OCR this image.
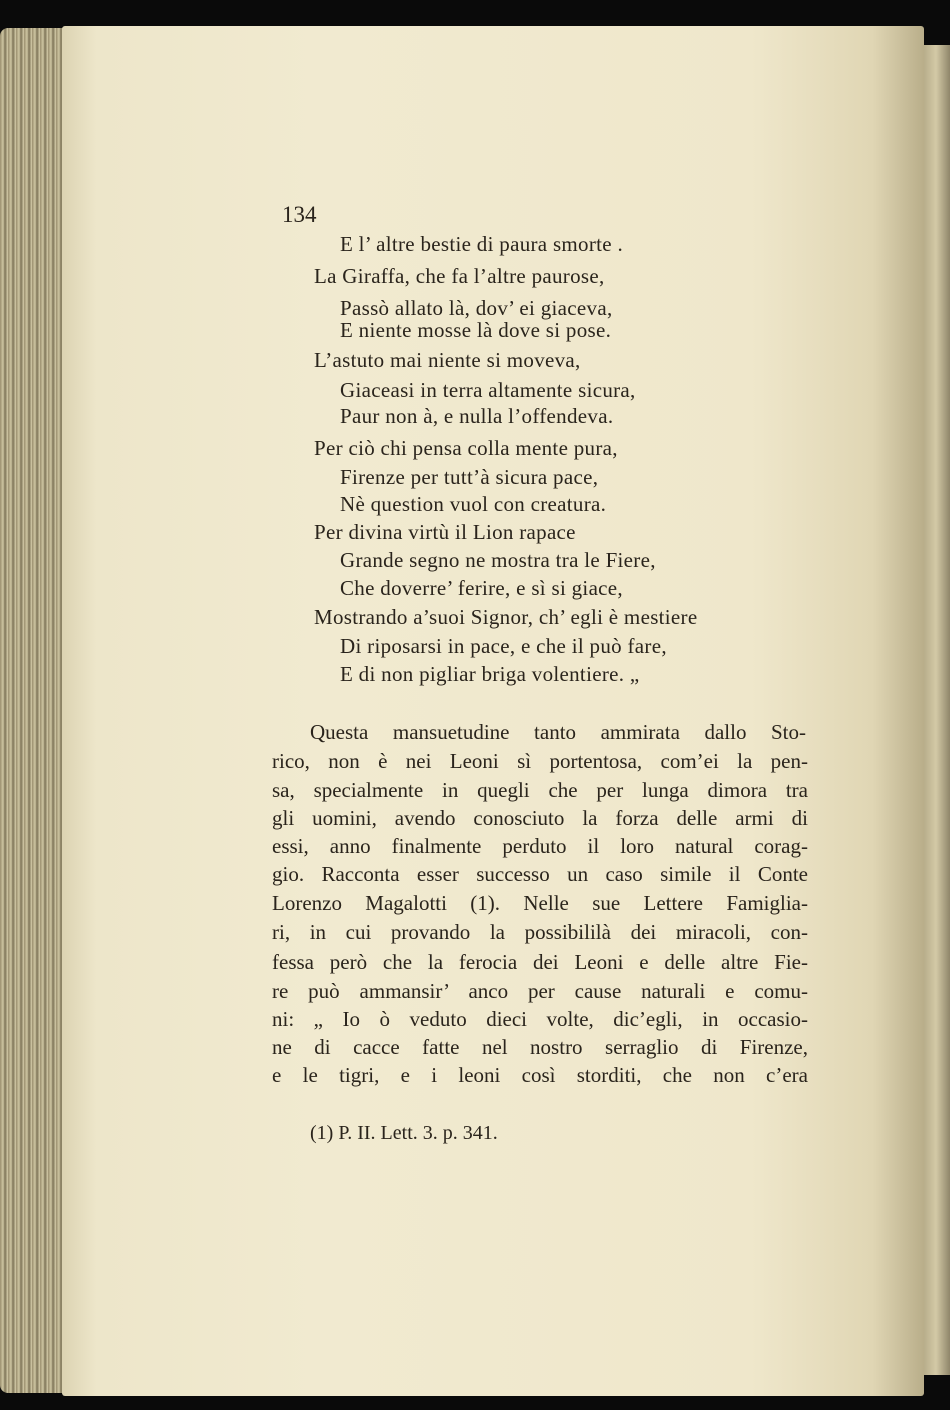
134
E l’ altre bestie di paura smorte .
La Giraffa, che fa l’altre paurose,
Passò allato là, dov’ ei giaceva,
E niente mosse là dove si pose.
L’astuto mai niente si moveva,
Giaceasi in terra altamente sicura,
Paur non à, e nulla l’offendeva.
Per ciò chi pensa colla mente pura,
Firenze per tutt’à sicura pace,
Nè question vuol con creatura.
Per divina virtù il Lion rapace
Grande segno ne mostra tra le Fiere,
Che doverre’ ferire, e sì si giace,
Mostrando a’suoi Signor, ch’ egli è mestiere
Di riposarsi in pace, e che il può fare,
E di non pigliar briga volentiere. „
Questa mansuetudine tanto ammirata dallo Sto-
rico, non è nei Leoni sì portentosa, com’ei la pen-
sa, specialmente in quegli che per lunga dimora tra
gli uomini, avendo conosciuto la forza delle armi di
essi, anno finalmente perduto il loro natural corag-
gio. Racconta esser successo un caso simile il Conte
Lorenzo Magalotti (1). Nelle sue Lettere Famiglia-
ri, in cui provando la possibililà dei miracoli, con-
fessa però che la ferocia dei Leoni e delle altre Fie-
re può ammansir’ anco per cause naturali e comu-
ni: „ Io ò veduto dieci volte, dic’egli, in occasio-
ne di cacce fatte nel nostro serraglio di Firenze,
e le tigri, e i leoni così storditi, che non c’era
(1) P. II. Lett. 3. p. 341.
